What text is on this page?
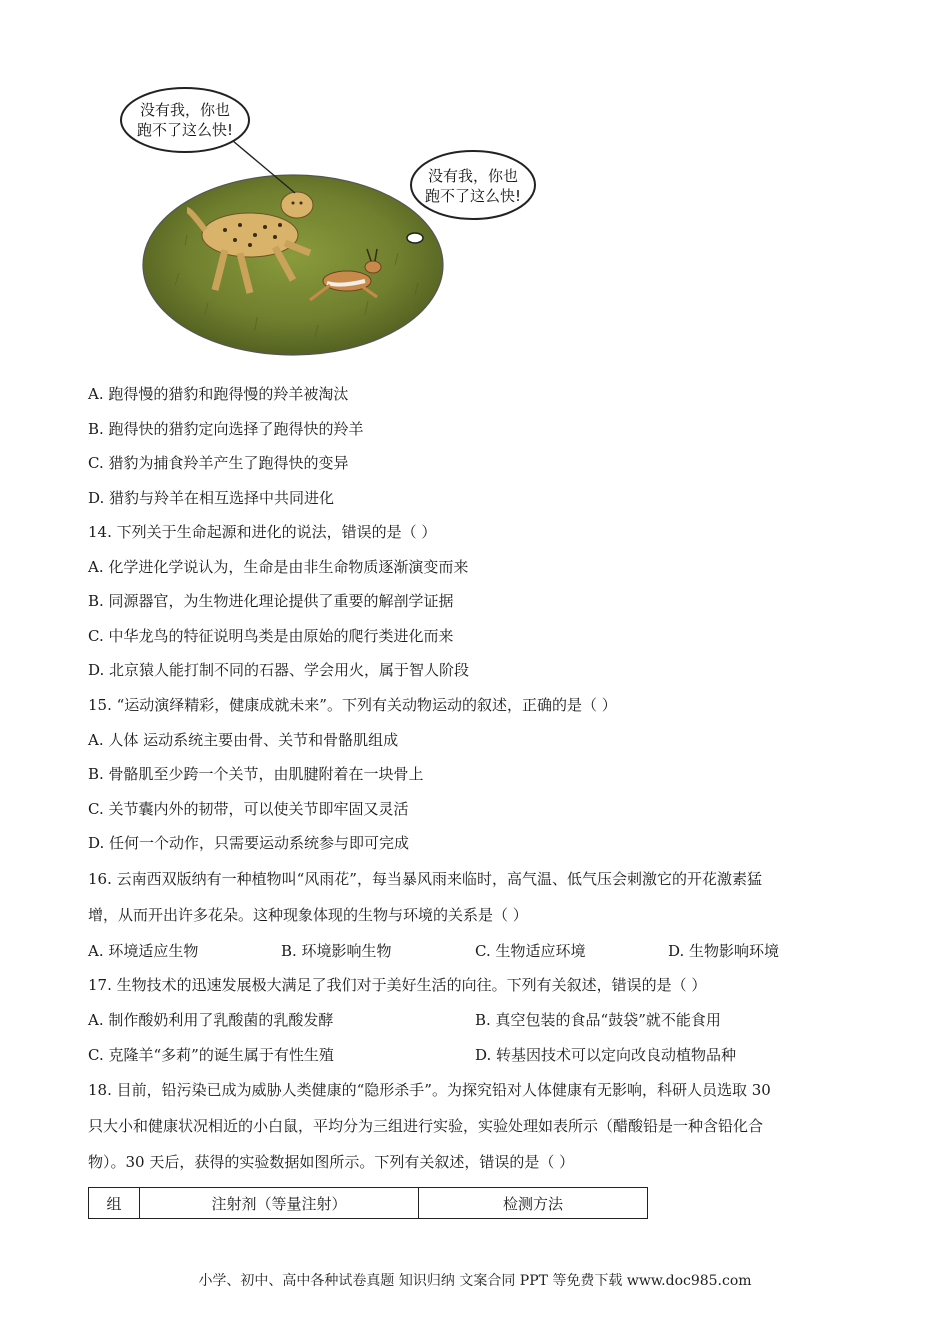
没有我，你也
跑不了这么快!
没有我，你也
跑不了这么快!
A. 跑得慢的猎豹和跑得慢的羚羊被淘汰
B. 跑得快的猎豹定向选择了跑得快的羚羊
C. 猎豹为捕食羚羊产生了跑得快的变异
D. 猎豹与羚羊在相互选择中共同进化
14. 下列关于生命起源和进化的说法，错误的是（ ）
A. 化学进化学说认为，生命是由非生命物质逐渐演变而来
B. 同源器官，为生物进化理论提供了重要的解剖学证据
C. 中华龙鸟的特征说明鸟类是由原始的爬行类进化而来
D. 北京猿人能打制不同的石器、学会用火，属于智人阶段
15. “运动演绎精彩，健康成就未来”。下列有关动物运动的叙述，正确的是（ ）
A. 人体 运动系统主要由骨、关节和骨骼肌组成
B. 骨骼肌至少跨一个关节，由肌腱附着在一块骨上
C. 关节囊内外的韧带，可以使关节即牢固又灵活
D. 任何一个动作，只需要运动系统参与即可完成
16. 云南西双版纳有一种植物叫“风雨花”，每当暴风雨来临时，高气温、低气压会刺激它的开花激素猛
增，从而开出许多花朵。这种现象体现的生物与环境的关系是（ ）
A. 环境适应生物	B. 环境影响生物	C. 生物适应环境	D. 生物影响环境
17. 生物技术的迅速发展极大满足了我们对于美好生活的向往。下列有关叙述，错误的是（ ）
A. 制作酸奶利用了乳酸菌的乳酸发酵	B. 真空包装的食品“鼓袋”就不能食用
C. 克隆羊“多莉”的诞生属于有性生殖	D. 转基因技术可以定向改良动植物品种
18. 目前，铅污染已成为威胁人类健康的“隐形杀手”。为探究铅对人体健康有无影响，科研人员选取 30
只大小和健康状况相近的小白鼠，平均分为三组进行实验，实验处理如表所示（醋酸铅是一种含铅化合
物）。30 天后，获得的实验数据如图所示。下列有关叙述，错误的是（ ）
组	注射剂（等量注射）	检测方法
小学、初中、高中各种试卷真题 知识归纳 文案合同 PPT 等免费下载 www.doc985.com
